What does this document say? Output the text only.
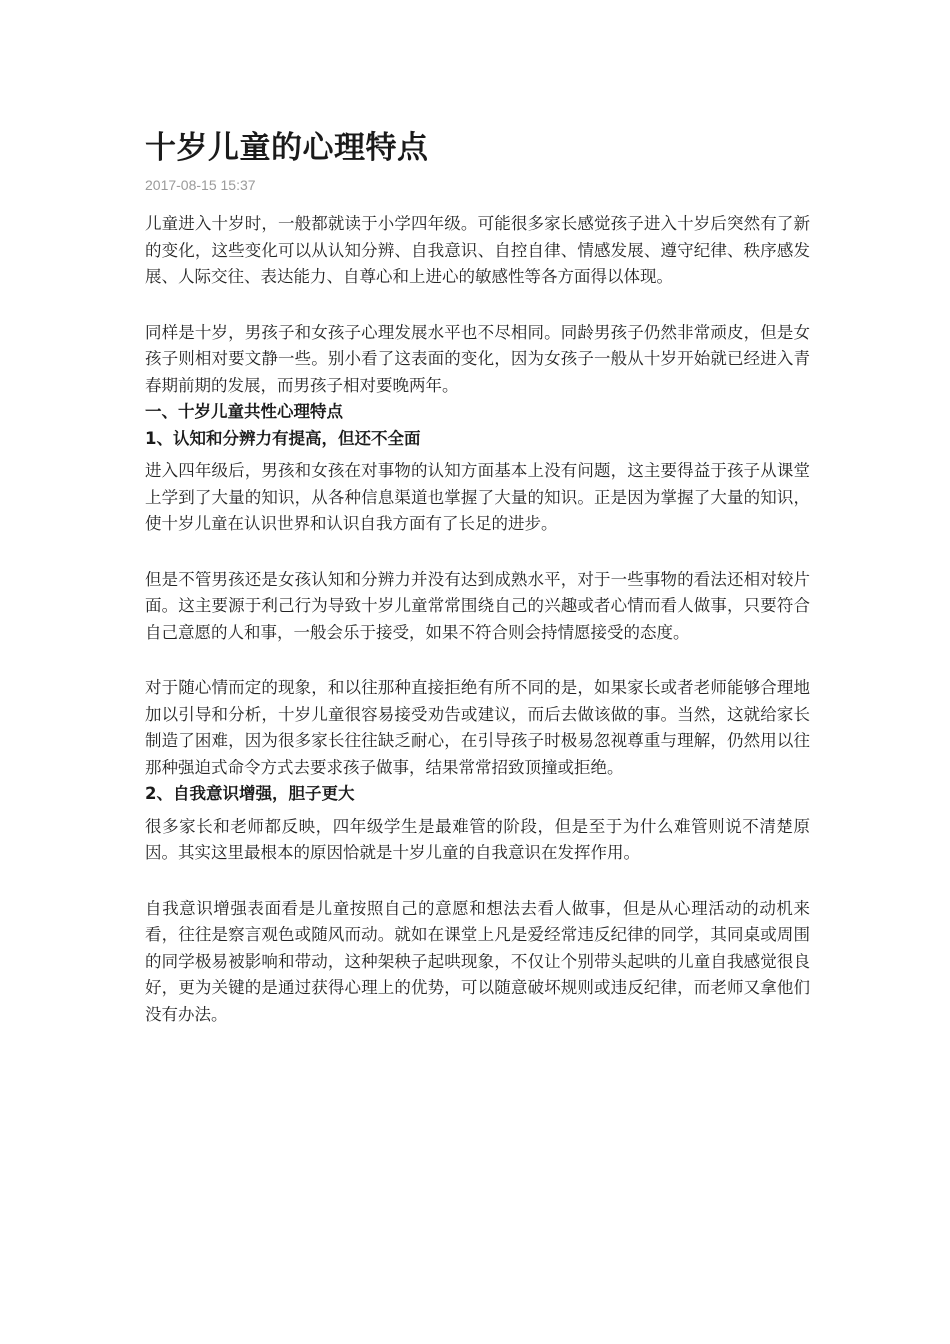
十岁儿童的心理特点
2017-08-15 15:37

儿童进入十岁时，一般都就读于小学四年级。可能很多家长感觉孩子进入十岁后突然有了新的变化，这些变化可以从认知分辨、自我意识、自控自律、情感发展、遵守纪律、秩序感发展、人际交往、表达能力、自尊心和上进心的敏感性等各方面得以体现。

同样是十岁，男孩子和女孩子心理发展水平也不尽相同。同龄男孩子仍然非常顽皮，但是女孩子则相对要文静一些。别小看了这表面的变化，因为女孩子一般从十岁开始就已经进入青春期前期的发展，而男孩子相对要晚两年。

一、十岁儿童共性心理特点
1、认知和分辨力有提高，但还不全面

进入四年级后，男孩和女孩在对事物的认知方面基本上没有问题，这主要得益于孩子从课堂上学到了大量的知识，从各种信息渠道也掌握了大量的知识。正是因为掌握了大量的知识，使十岁儿童在认识世界和认识自我方面有了长足的进步。

但是不管男孩还是女孩认知和分辨力并没有达到成熟水平，对于一些事物的看法还相对较片面。这主要源于利己行为导致十岁儿童常常围绕自己的兴趣或者心情而看人做事，只要符合自己意愿的人和事，一般会乐于接受，如果不符合则会持情愿接受的态度。

对于随心情而定的现象，和以往那种直接拒绝有所不同的是，如果家长或者老师能够合理地加以引导和分析，十岁儿童很容易接受劝告或建议，而后去做该做的事。当然，这就给家长制造了困难，因为很多家长往往缺乏耐心，在引导孩子时极易忽视尊重与理解，仍然用以往那种强迫式命令方式去要求孩子做事，结果常常招致顶撞或拒绝。

2、自我意识增强，胆子更大

很多家长和老师都反映，四年级学生是最难管的阶段，但是至于为什么难管则说不清楚原因。其实这里最根本的原因恰就是十岁儿童的自我意识在发挥作用。

自我意识增强表面看是儿童按照自己的意愿和想法去看人做事，但是从心理活动的动机来看，往往是察言观色或随风而动。就如在课堂上凡是爱经常违反纪律的同学，其同桌或周围的同学极易被影响和带动，这种架秧子起哄现象，不仅让个别带头起哄的儿童自我感觉很良好，更为关键的是通过获得心理上的优势，可以随意破坏规则或违反纪律，而老师又拿他们没有办法。
